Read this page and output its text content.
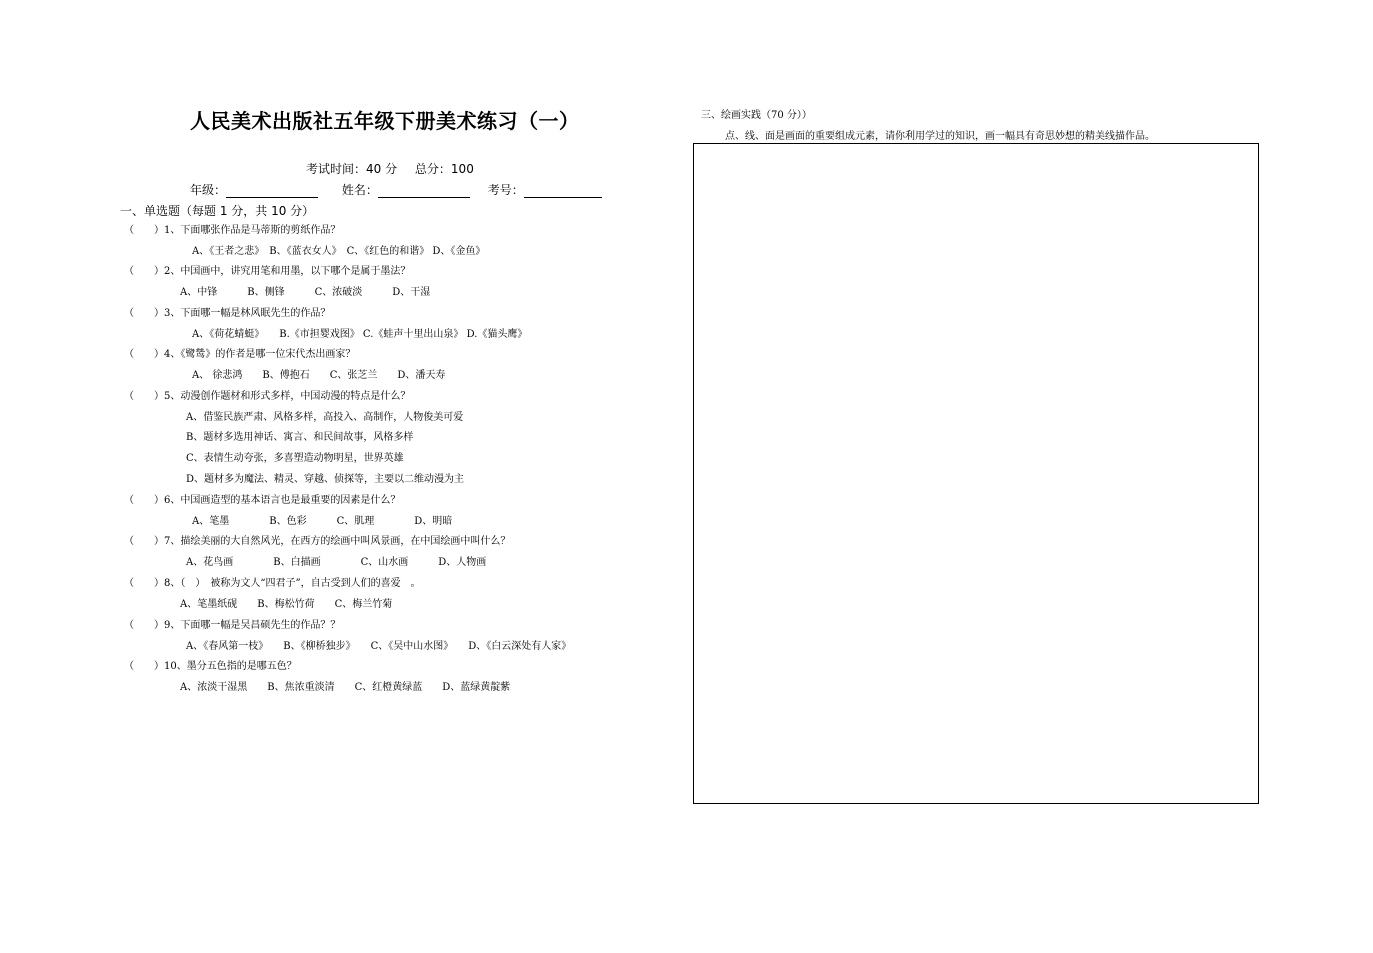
人民美术出版社五年级下册美术练习（一）
考试时间：40 分 总分：100
年级：	姓名：	考号：
一、单选题（每题 1 分，共 10 分）
（　　）1、下面哪张作品是马蒂斯的剪纸作品？
A、《王者之悲》　B、《蓝衣女人》　C、《红色的和谐》 D、《金鱼》
（　　）2、中国画中，讲究用笔和用墨，以下哪个是属于墨法？
A、中锋　　　B、侧锋　　　C、浓破淡　　　D、干湿
（　　）3、下面哪一幅是林风眠先生的作品？
A、《荷花蜻蜓》　　B.《市担婴戏图》 C.《蛙声十里出山泉》 D.《猫头鹰》
（　　）4、《鹭鸶》的作者是哪一位宋代杰出画家？
A、 徐悲鸿　　B、傅抱石　　C、张芝兰　　D、潘天寿
（　　）5、动漫创作题材和形式多样，中国动漫的特点是什么？
A、借鉴民族严肃、风格多样，高投入、高制作，人物俊美可爱
B、题材多选用神话、寓言、和民间故事，风格多样
C、表情生动夸张，多喜塑造动物明星，世界英雄
D、题材多为魔法、精灵、穿越、侦探等，主要以二维动漫为主
（　　）6、中国画造型的基本语言也是最重要的因素是什么？
A、笔墨　　　　B、色彩　　　C、肌理　　　　D、明暗
（　　）7、描绘美丽的大自然风光，在西方的绘画中叫风景画，在中国绘画中叫什么？
A、花鸟画　　　　B、白描画　　　　C、山水画　　　D、人物画
（　　）8、（　）　被称为文人“四君子”，自古受到人们的喜爱　。
A、笔墨纸砚　　B、梅松竹荷　　C、梅兰竹菊
（　　）9、下面哪一幅是吴昌硕先生的作品？？
A、《春风第一枝》　　B、《柳桥独步》　　C、《吴中山水图》　　D、《白云深处有人家》
（　　）10、墨分五色指的是哪五色？
A、浓淡干湿黑　　B、焦浓重淡清　　C、红橙黄绿蓝　　D、蓝绿黄靛紫
三、绘画实践（70 分））
点、线、面是画面的重要组成元素，请你利用学过的知识，画一幅具有奇思妙想的精美线描作品。
